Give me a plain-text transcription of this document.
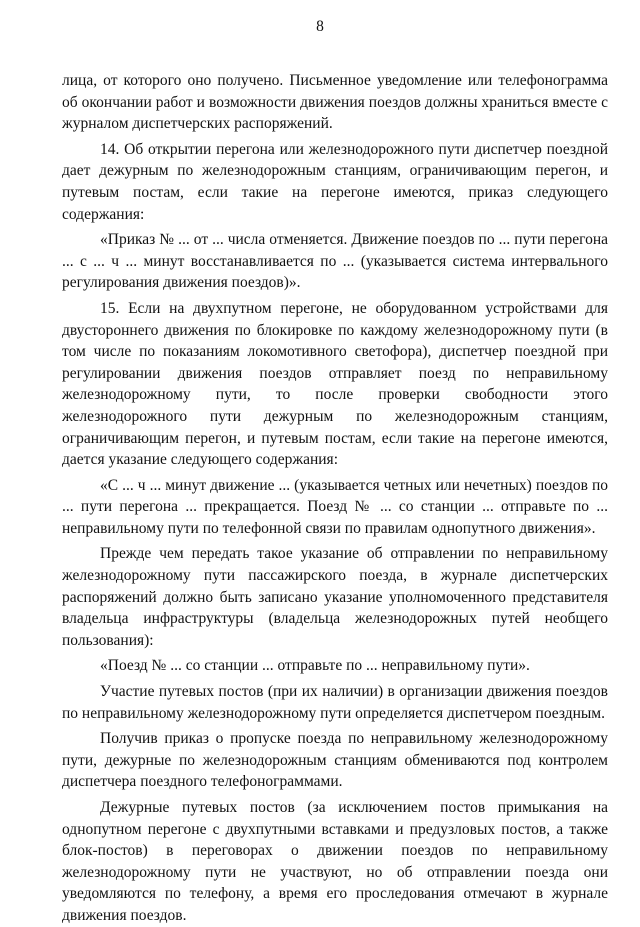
8

лица, от которого оно получено. Письменное уведомление или телефонограмма об окончании работ и возможности движения поездов должны храниться вместе с журналом диспетчерских распоряжений.

14. Об открытии перегона или железнодорожного пути диспетчер поездной дает дежурным по железнодорожным станциям, ограничивающим перегон, и путевым постам, если такие на перегоне имеются, приказ следующего содержания:

«Приказ № ... от ... числа отменяется. Движение поездов по ... пути перегона ... с ... ч ... минут восстанавливается по ... (указывается система интервального регулирования движения поездов)».

15. Если на двухпутном перегоне, не оборудованном устройствами для двустороннего движения по блокировке по каждому железнодорожному пути (в том числе по показаниям локомотивного светофора), диспетчер поездной при регулировании движения поездов отправляет поезд по неправильному железнодорожному пути, то после проверки свободности этого железнодорожного пути дежурным по железнодорожным станциям, ограничивающим перегон, и путевым постам, если такие на перегоне имеются, дается указание следующего содержания:

«С ... ч ... минут движение ... (указывается четных или нечетных) поездов по ... пути перегона ... прекращается. Поезд № ... со станции ... отправьте по ... неправильному пути по телефонной связи по правилам однопутного движения».

Прежде чем передать такое указание об отправлении по неправильному железнодорожному пути пассажирского поезда, в журнале диспетчерских распоряжений должно быть записано указание уполномоченного представителя владельца инфраструктуры (владельца железнодорожных путей необщего пользования):

«Поезд № ... со станции ... отправьте по ... неправильному пути».

Участие путевых постов (при их наличии) в организации движения поездов по неправильному железнодорожному пути определяется диспетчером поездным.

Получив приказ о пропуске поезда по неправильному железнодорожному пути, дежурные по железнодорожным станциям обмениваются под контролем диспетчера поездного телефонограммами.

Дежурные путевых постов (за исключением постов примыкания на однопутном перегоне с двухпутными вставками и предузловых постов, а также блок-постов) в переговорах о движении поездов по неправильному железнодорожному пути не участвуют, но об отправлении поезда они уведомляются по телефону, а время его проследования отмечают в журнале движения поездов.
